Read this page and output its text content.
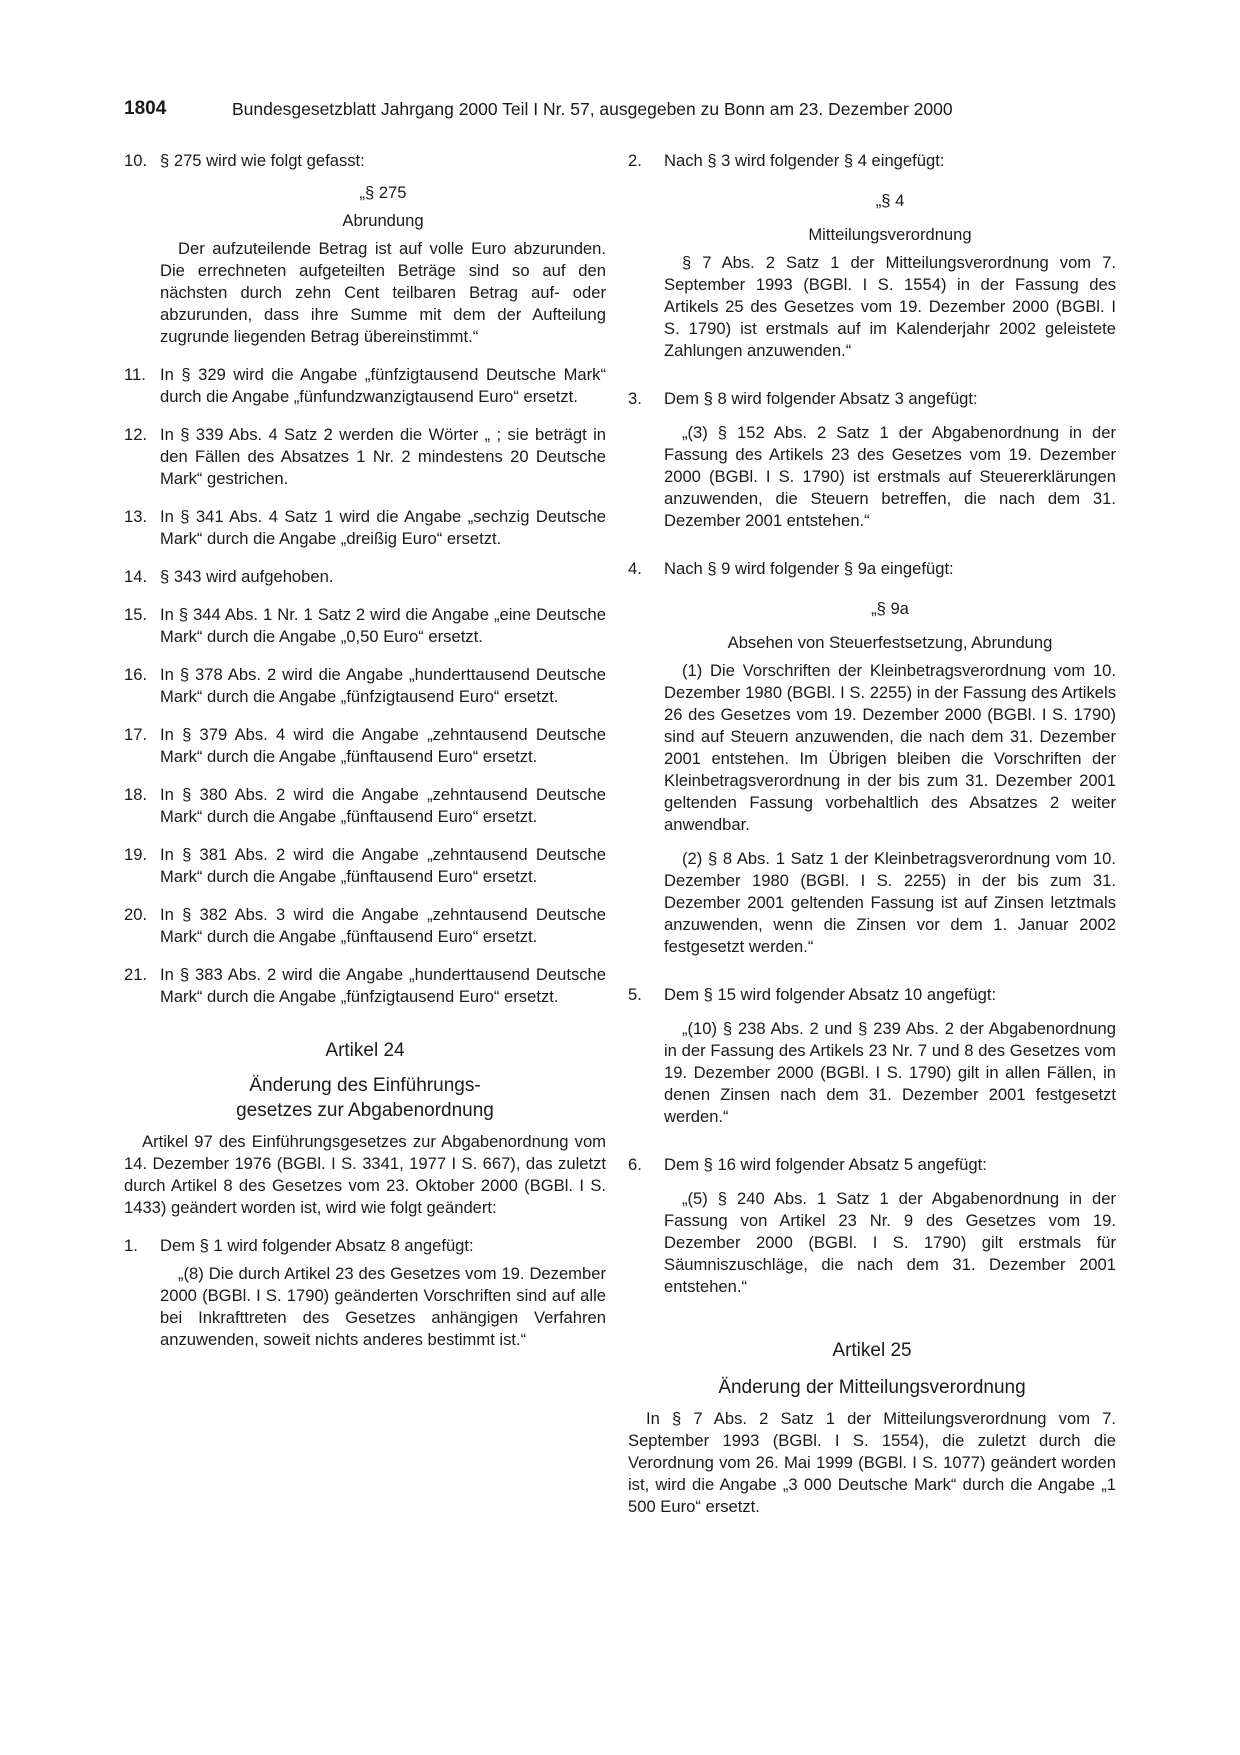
1804	Bundesgesetzblatt Jahrgang 2000 Teil I Nr. 57, ausgegeben zu Bonn am 23. Dezember 2000
10. § 275 wird wie folgt gefasst:

„§ 275

Abrundung

Der aufzuteilende Betrag ist auf volle Euro abzurunden. Die errechneten aufgeteilten Beträge sind so auf den nächsten durch zehn Cent teilbaren Betrag auf- oder abzurunden, dass ihre Summe mit dem der Aufteilung zugrunde liegenden Betrag übereinstimmt.“

11. In § 329 wird die Angabe „fünfzigtausend Deutsche Mark“ durch die Angabe „fünfundzwanzigtausend Euro“ ersetzt.

12. In § 339 Abs. 4 Satz 2 werden die Wörter „ ; sie beträgt in den Fällen des Absatzes 1 Nr. 2 mindestens 20 Deutsche Mark“ gestrichen.

13. In § 341 Abs. 4 Satz 1 wird die Angabe „sechzig Deutsche Mark“ durch die Angabe „dreißig Euro“ ersetzt.

14. § 343 wird aufgehoben.

15. In § 344 Abs. 1 Nr. 1 Satz 2 wird die Angabe „eine Deutsche Mark“ durch die Angabe „0,50 Euro“ ersetzt.

16. In § 378 Abs. 2 wird die Angabe „hunderttausend Deutsche Mark“ durch die Angabe „fünfzigtausend Euro“ ersetzt.

17. In § 379 Abs. 4 wird die Angabe „zehntausend Deutsche Mark“ durch die Angabe „fünftausend Euro“ ersetzt.

18. In § 380 Abs. 2 wird die Angabe „zehntausend Deutsche Mark“ durch die Angabe „fünftausend Euro“ ersetzt.

19. In § 381 Abs. 2 wird die Angabe „zehntausend Deutsche Mark“ durch die Angabe „fünftausend Euro“ ersetzt.

20. In § 382 Abs. 3 wird die Angabe „zehntausend Deutsche Mark“ durch die Angabe „fünftausend Euro“ ersetzt.

21. In § 383 Abs. 2 wird die Angabe „hunderttausend Deutsche Mark“ durch die Angabe „fünfzigtausend Euro“ ersetzt.

Artikel 24

Änderung des Einführungs-

gesetzes zur Abgabenordnung

Artikel 97 des Einführungsgesetzes zur Abgabenordnung vom 14. Dezember 1976 (BGBl. I S. 3341, 1977 I S. 667), das zuletzt durch Artikel 8 des Gesetzes vom 23. Oktober 2000 (BGBl. I S. 1433) geändert worden ist, wird wie folgt geändert:

1. Dem § 1 wird folgender Absatz 8 angefügt:

„(8) Die durch Artikel 23 des Gesetzes vom 19. Dezember 2000 (BGBl. I S. 1790) geänderten Vorschriften sind auf alle bei Inkrafttreten des Gesetzes anhängigen Verfahren anzuwenden, soweit nichts anderes bestimmt ist.“

2. Nach § 3 wird folgender § 4 eingefügt:

„§ 4

Mitteilungsverordnung

§ 7 Abs. 2 Satz 1 der Mitteilungsverordnung vom 7. September 1993 (BGBl. I S. 1554) in der Fassung des Artikels 25 des Gesetzes vom 19. Dezember 2000 (BGBl. I S. 1790) ist erstmals auf im Kalenderjahr 2002 geleistete Zahlungen anzuwenden.“

3. Dem § 8 wird folgender Absatz 3 angefügt:

„(3) § 152 Abs. 2 Satz 1 der Abgabenordnung in der Fassung des Artikels 23 des Gesetzes vom 19. Dezember 2000 (BGBl. I S. 1790) ist erstmals auf Steuererklärungen anzuwenden, die Steuern betreffen, die nach dem 31. Dezember 2001 entstehen.“

4. Nach § 9 wird folgender § 9a eingefügt:

„§ 9a

Absehen von Steuerfestsetzung, Abrundung

(1) Die Vorschriften der Kleinbetragsverordnung vom 10. Dezember 1980 (BGBl. I S. 2255) in der Fassung des Artikels 26 des Gesetzes vom 19. Dezember 2000 (BGBl. I S. 1790) sind auf Steuern anzuwenden, die nach dem 31. Dezember 2001 entstehen. Im Übrigen bleiben die Vorschriften der Kleinbetragsverordnung in der bis zum 31. Dezember 2001 geltenden Fassung vorbehaltlich des Absatzes 2 weiter anwendbar.

(2) § 8 Abs. 1 Satz 1 der Kleinbetragsverordnung vom 10. Dezember 1980 (BGBl. I S. 2255) in der bis zum 31. Dezember 2001 geltenden Fassung ist auf Zinsen letztmals anzuwenden, wenn die Zinsen vor dem 1. Januar 2002 festgesetzt werden.“

5. Dem § 15 wird folgender Absatz 10 angefügt:

„(10) § 238 Abs. 2 und § 239 Abs. 2 der Abgabenordnung in der Fassung des Artikels 23 Nr. 7 und 8 des Gesetzes vom 19. Dezember 2000 (BGBl. I S. 1790) gilt in allen Fällen, in denen Zinsen nach dem 31. Dezember 2001 festgesetzt werden.“

6. Dem § 16 wird folgender Absatz 5 angefügt:

„(5) § 240 Abs. 1 Satz 1 der Abgabenordnung in der Fassung von Artikel 23 Nr. 9 des Gesetzes vom 19. Dezember 2000 (BGBl. I S. 1790) gilt erstmals für Säumniszuschläge, die nach dem 31. Dezember 2001 entstehen.“

Artikel 25

Änderung der Mitteilungsverordnung

In § 7 Abs. 2 Satz 1 der Mitteilungsverordnung vom 7. September 1993 (BGBl. I S. 1554), die zuletzt durch die Verordnung vom 26. Mai 1999 (BGBl. I S. 1077) geändert worden ist, wird die Angabe „3 000 Deutsche Mark“ durch die Angabe „1 500 Euro“ ersetzt.
